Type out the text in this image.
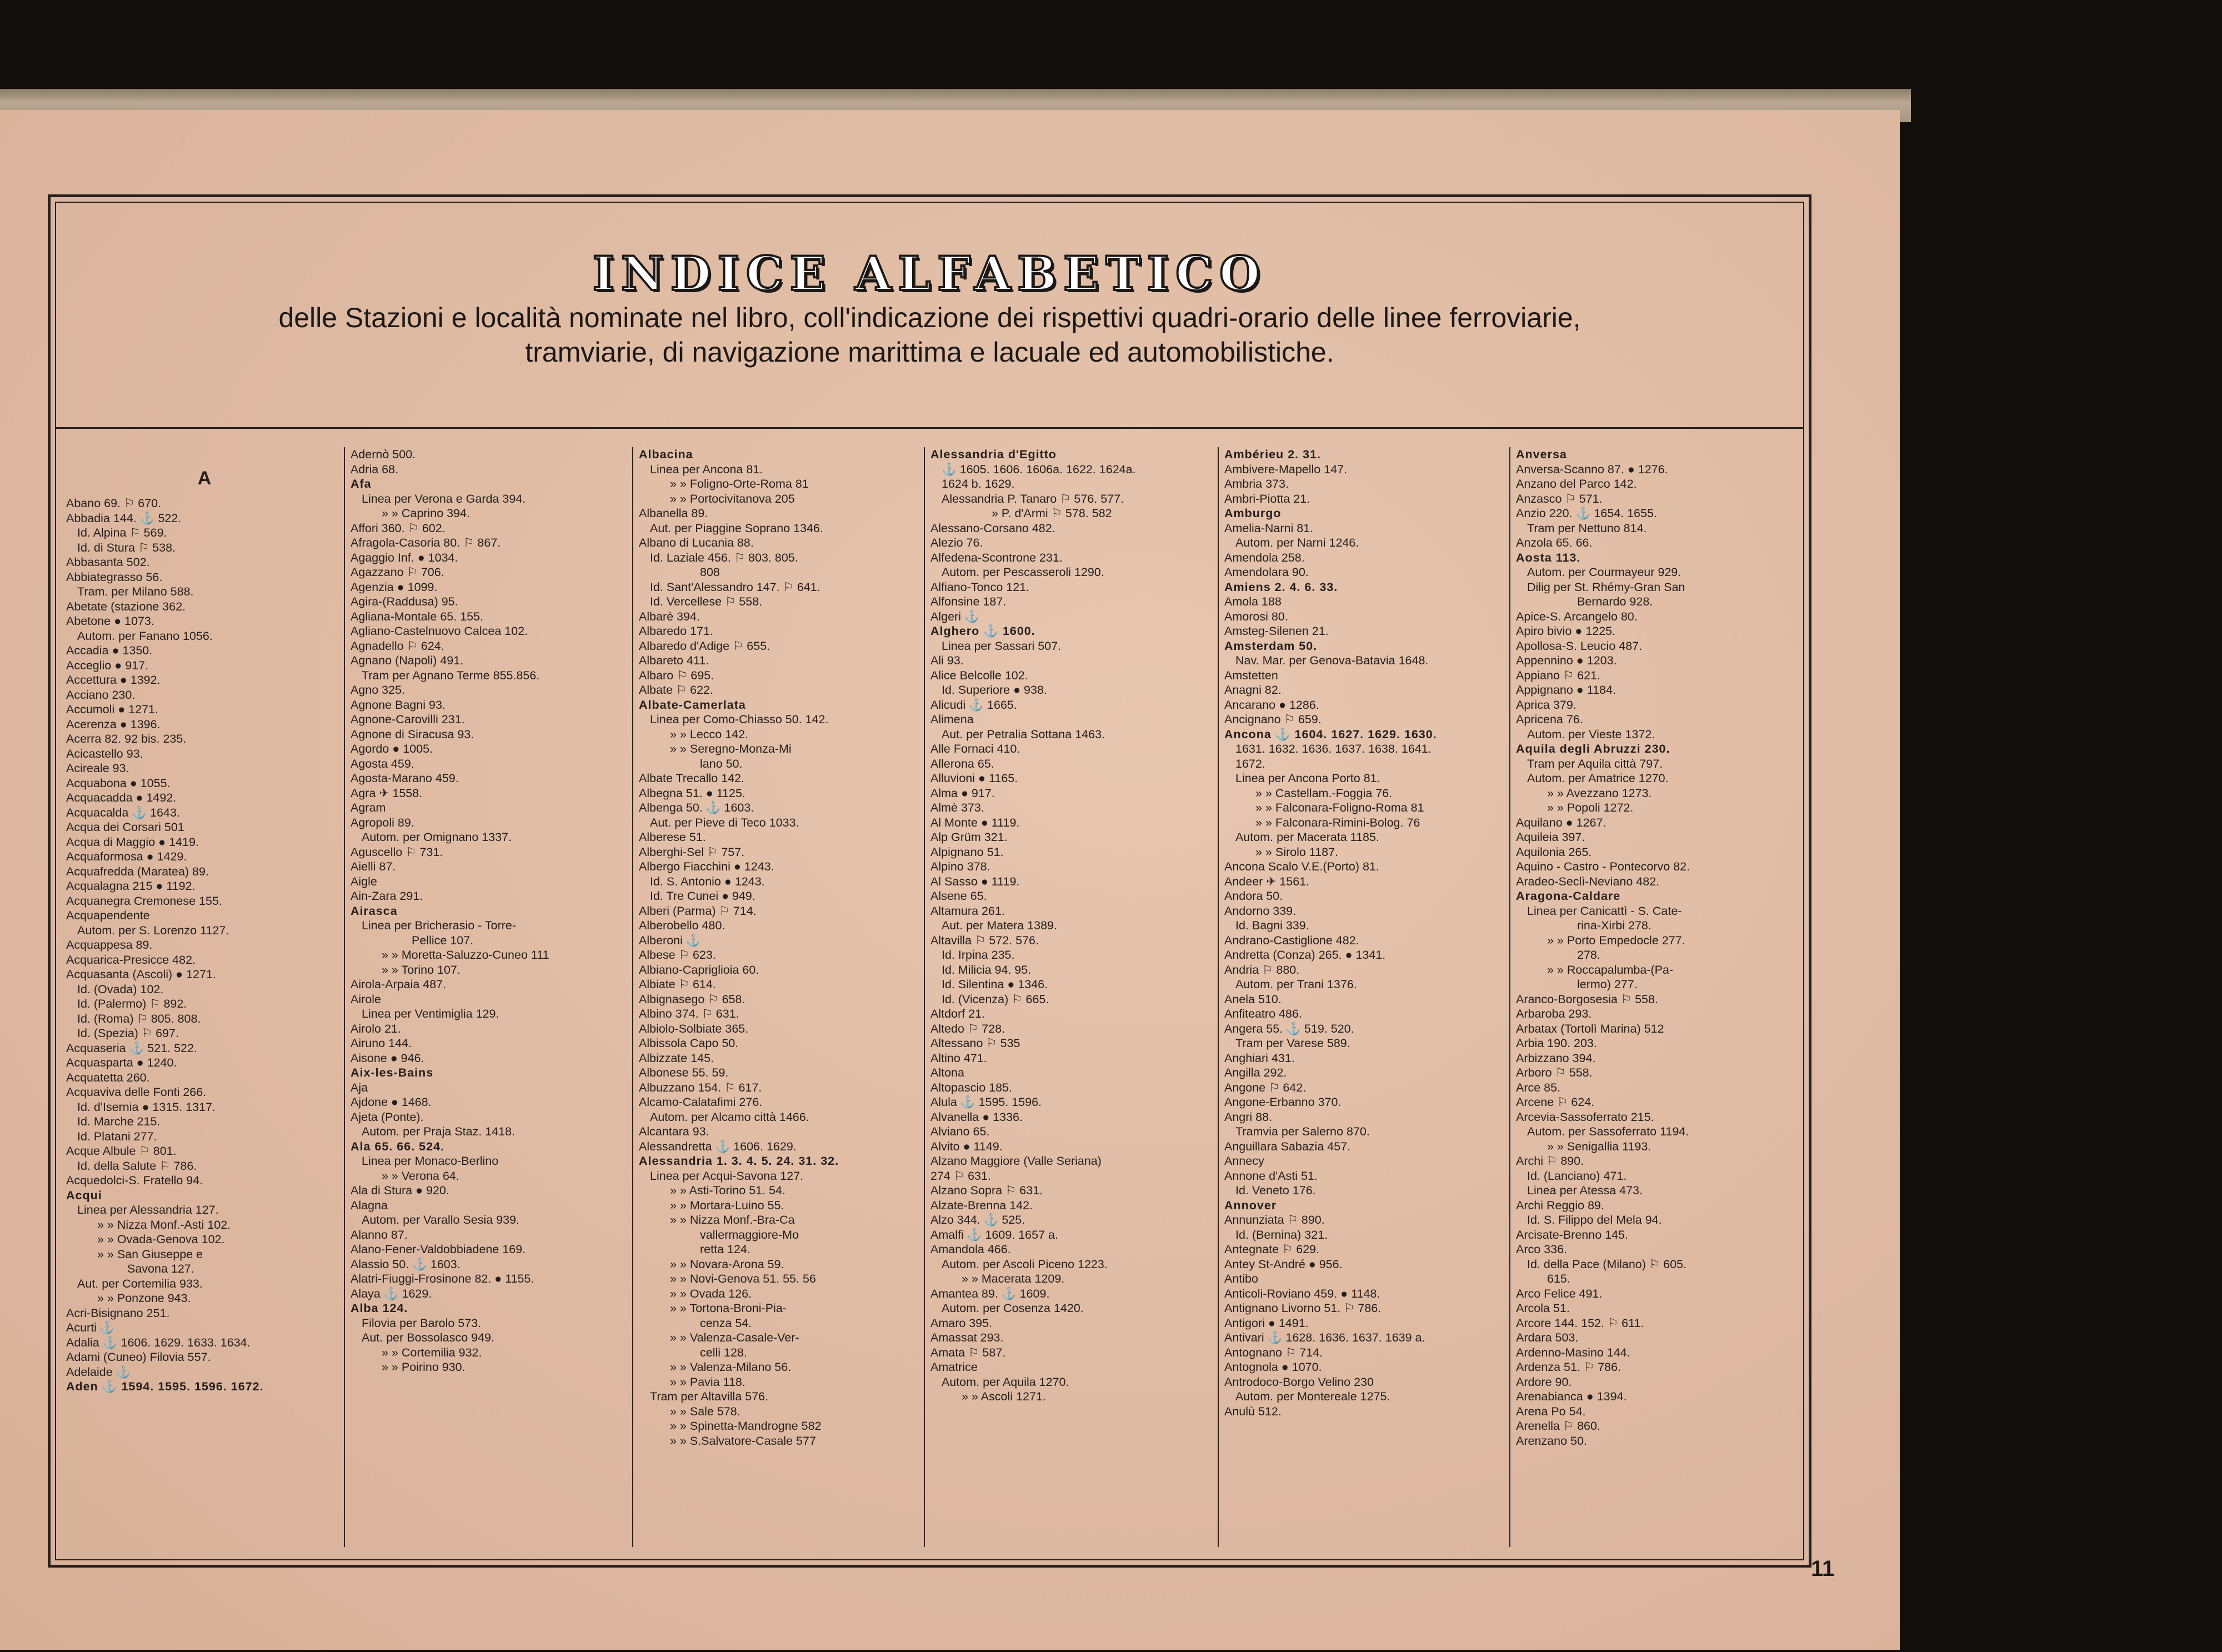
INDICE ALFABETICO
delle Stazioni e località nominate nel libro, coll'indicazione dei rispettivi quadri-orario delle linee ferroviarie,
tramviarie, di navigazione marittima e lacuale ed automobilistiche.
A
Abano 69. ⚐ 670.
Abbadia 144. ⚓ 522.
Id. Alpina ⚐ 569.
Id. di Stura ⚐ 538.
Abbasanta 502.
Abbiategrasso 56.
Tram. per Milano 588.
Abetate (stazione 362.
Abetone ● 1073.
Autom. per Fanano 1056.
Accadia ● 1350.
Acceglio ● 917.
Accettura ● 1392.
Acciano 230.
Accumoli ● 1271.
Acerenza ● 1396.
Acerra 82. 92 bis. 235.
Acicastello 93.
Acireale 93.
Acquabona ● 1055.
Acquacadda ● 1492.
Acquacalda ⚓ 1643.
Acqua dei Corsari 501
Acqua di Maggio ● 1419.
Acquaformosa ● 1429.
Acquafredda (Maratea) 89.
Acqualagna 215 ● 1192.
Acquanegra Cremonese 155.
Acquapendente
Autom. per S. Lorenzo 1127.
Acquappesa 89.
Acquarica-Presicce 482.
Acquasanta (Ascoli) ● 1271.
Id. (Ovada) 102.
Id. (Palermo) ⚐ 892.
Id. (Roma) ⚐ 805. 808.
Id. (Spezia) ⚐ 697.
Acquaseria ⚓ 521. 522.
Acquasparta ● 1240.
Acquatetta 260.
Acquaviva delle Fonti 266.
Id. d'Isernia ● 1315. 1317.
Id. Marche 215.
Id. Platani 277.
Acque Albule ⚐ 801.
Id. della Salute ⚐ 786.
Acquedolci-S. Fratello 94.
Acqui
Linea per Alessandria 127.
» » Nizza Monf.-Asti 102.
» » Ovada-Genova 102.
» » San Giuseppe e
Savona 127.
Aut. per Cortemilia 933.
» » Ponzone 943.
Acri-Bisignano 251.
Acurti ⚓
Adalia ⚓ 1606. 1629. 1633. 1634.
Adami (Cuneo) Filovia 557.
Adelaide ⚓
Aden ⚓ 1594. 1595. 1596. 1672.
Adernò 500.
Adria 68.
Afa
Linea per Verona e Garda 394.
» » Caprino 394.
Affori 360. ⚐ 602.
Afragola-Casoria 80. ⚐ 867.
Agaggio Inf. ● 1034.
Agazzano ⚐ 706.
Agenzia ● 1099.
Agira-(Raddusa) 95.
Agliana-Montale 65. 155.
Agliano-Castelnuovo Calcea 102.
Agnadello ⚐ 624.
Agnano (Napoli) 491.
Tram per Agnano Terme 855.856.
Agno 325.
Agnone Bagni 93.
Agnone-Carovilli 231.
Agnone di Siracusa 93.
Agordo ● 1005.
Agosta 459.
Agosta-Marano 459.
Agra ✈ 1558.
Agram
Agropoli 89.
Autom. per Omignano 1337.
Aguscello ⚐ 731.
Aielli 87.
Aigle
Ain-Zara 291.
Airasca
Linea per Bricherasio - Torre-
Pellice 107.
» » Moretta-Saluzzo-Cuneo 111
» » Torino 107.
Airola-Arpaia 487.
Airole
Linea per Ventimiglia 129.
Airolo 21.
Airuno 144.
Aisone ● 946.
Aix-les-Bains
Aja
Ajdone ● 1468.
Ajeta (Ponte).
Autom. per Praja Staz. 1418.
Ala 65. 66. 524.
Linea per Monaco-Berlino
» » Verona 64.
Ala di Stura ● 920.
Alagna
Autom. per Varallo Sesia 939.
Alanno 87.
Alano-Fener-Valdobbiadene 169.
Alassio 50. ⚓ 1603.
Alatri-Fiuggi-Frosinone 82. ● 1155.
Alaya ⚓ 1629.
Alba 124.
Filovia per Barolo 573.
Aut. per Bossolasco 949.
» » Cortemilia 932.
» » Poirino 930.
Albacina
Linea per Ancona 81.
» » Foligno-Orte-Roma 81
» » Portocivitanova 205
Albanella 89.
Aut. per Piaggine Soprano 1346.
Albano di Lucania 88.
Id. Laziale 456. ⚐ 803. 805.
808
Id. Sant'Alessandro 147. ⚐ 641.
Id. Vercellese ⚐ 558.
Albarè 394.
Albaredo 171.
Albaredo d'Adige ⚐ 655.
Albareto 411.
Albaro ⚐ 695.
Albate ⚐ 622.
Albate-Camerlata
Linea per Como-Chiasso 50. 142.
» » Lecco 142.
» » Seregno-Monza-Mi
lano 50.
Albate Trecallo 142.
Albegna 51. ● 1125.
Albenga 50. ⚓ 1603.
Aut. per Pieve di Teco 1033.
Alberese 51.
Alberghi-Sel ⚐ 757.
Albergo Fiacchini ● 1243.
Id. S. Antonio ● 1243.
Id. Tre Cunei ● 949.
Alberi (Parma) ⚐ 714.
Alberobello 480.
Alberoni ⚓
Albese ⚐ 623.
Albiano-Capriglioia 60.
Albiate ⚐ 614.
Albignasego ⚐ 658.
Albino 374. ⚐ 631.
Albiolo-Solbiate 365.
Albissola Capo 50.
Albizzate 145.
Albonese 55. 59.
Albuzzano 154. ⚐ 617.
Alcamo-Calatafimi 276.
Autom. per Alcamo città 1466.
Alcantara 93.
Alessandretta ⚓ 1606. 1629.
Alessandria 1. 3. 4. 5. 24. 31. 32.
Linea per Acqui-Savona 127.
» » Asti-Torino 51. 54.
» » Mortara-Luino 55.
» » Nizza Monf.-Bra-Ca
vallermaggiore-Mo
retta 124.
» » Novara-Arona 59.
» » Novi-Genova 51. 55. 56
» » Ovada 126.
» » Tortona-Broni-Pia-
cenza 54.
» » Valenza-Casale-Ver-
celli 128.
» » Valenza-Milano 56.
» » Pavia 118.
Tram per Altavilla 576.
» » Sale 578.
» » Spinetta-Mandrogne 582
» » S.Salvatore-Casale 577
Alessandria d'Egitto
⚓ 1605. 1606. 1606a. 1622. 1624a.
1624 b. 1629.
Alessandria P. Tanaro ⚐ 576. 577.
» P. d'Armi ⚐ 578. 582
Alessano-Corsano 482.
Alezio 76.
Alfedena-Scontrone 231.
Autom. per Pescasseroli 1290.
Alfiano-Tonco 121.
Alfonsine 187.
Algeri ⚓
Alghero ⚓ 1600.
Linea per Sassari 507.
Ali 93.
Alice Belcolle 102.
Id. Superiore ● 938.
Alicudi ⚓ 1665.
Alimena
Aut. per Petralia Sottana 1463.
Alle Fornaci 410.
Allerona 65.
Alluvioni ● 1165.
Alma ● 917.
Almè 373.
Al Monte ● 1119.
Alp Grüm 321.
Alpignano 51.
Alpino 378.
Al Sasso ● 1119.
Alsene 65.
Altamura 261.
Aut. per Matera 1389.
Altavilla ⚐ 572. 576.
Id. Irpina 235.
Id. Milicia 94. 95.
Id. Silentina ● 1346.
Id. (Vicenza) ⚐ 665.
Altdorf 21.
Altedo ⚐ 728.
Altessano ⚐ 535
Altino 471.
Altona
Altopascio 185.
Alula ⚓ 1595. 1596.
Alvanella ● 1336.
Alviano 65.
Alvito ● 1149.
Alzano Maggiore (Valle Seriana)
274 ⚐ 631.
Alzano Sopra ⚐ 631.
Alzate-Brenna 142.
Alzo 344. ⚓ 525.
Amalfi ⚓ 1609. 1657 a.
Amandola 466.
Autom. per Ascoli Piceno 1223.
» » Macerata 1209.
Amantea 89. ⚓ 1609.
Autom. per Cosenza 1420.
Amaro 395.
Amassat 293.
Amata ⚐ 587.
Amatrice
Autom. per Aquila 1270.
» » Ascoli 1271.
Ambérieu 2. 31.
Ambivere-Mapello 147.
Ambria 373.
Ambri-Piotta 21.
Amburgo
Amelia-Narni 81.
Autom. per Narni 1246.
Amendola 258.
Amendolara 90.
Amiens 2. 4. 6. 33.
Amola 188
Amorosi 80.
Amsteg-Silenen 21.
Amsterdam 50.
Nav. Mar. per Genova-Batavia 1648.
Amstetten
Anagni 82.
Ancarano ● 1286.
Ancignano ⚐ 659.
Ancona ⚓ 1604. 1627. 1629. 1630.
1631. 1632. 1636. 1637. 1638. 1641.
1672.
Linea per Ancona Porto 81.
» » Castellam.-Foggia 76.
» » Falconara-Foligno-Roma 81
» » Falconara-Rimini-Bolog. 76
Autom. per Macerata 1185.
» » Sirolo 1187.
Ancona Scalo V.E.(Porto) 81.
Andeer ✈ 1561.
Andora 50.
Andorno 339.
Id. Bagni 339.
Andrano-Castiglione 482.
Andretta (Conza) 265. ● 1341.
Andria ⚐ 880.
Autom. per Trani 1376.
Anela 510.
Anfiteatro 486.
Angera 55. ⚓ 519. 520.
Tram per Varese 589.
Anghiari 431.
Angilla 292.
Angone ⚐ 642.
Angone-Erbanno 370.
Angri 88.
Tramvia per Salerno 870.
Anguillara Sabazia 457.
Annecy
Annone d'Asti 51.
Id. Veneto 176.
Annover
Annunziata ⚐ 890.
Id. (Bernina) 321.
Antegnate ⚐ 629.
Antey St-André ● 956.
Antibo
Anticoli-Roviano 459. ● 1148.
Antignano Livorno 51. ⚐ 786.
Antigori ● 1491.
Antivari ⚓ 1628. 1636. 1637. 1639 a.
Antognano ⚐ 714.
Antognola ● 1070.
Antrodoco-Borgo Velino 230
Autom. per Montereale 1275.
Anulù 512.
Anversa
Anversa-Scanno 87. ● 1276.
Anzano del Parco 142.
Anzasco ⚐ 571.
Anzio 220. ⚓ 1654. 1655.
Tram per Nettuno 814.
Anzola 65. 66.
Aosta 113.
Autom. per Courmayeur 929.
Dilig per St. Rhémy-Gran San
Bernardo 928.
Apice-S. Arcangelo 80.
Apiro bivio ● 1225.
Apollosa-S. Leucio 487.
Appennino ● 1203.
Appiano ⚐ 621.
Appignano ● 1184.
Aprica 379.
Apricena 76.
Autom. per Vieste 1372.
Aquila degli Abruzzi 230.
Tram per Aquila città 797.
Autom. per Amatrice 1270.
» » Avezzano 1273.
» » Popoli 1272.
Aquilano ● 1267.
Aquileia 397.
Aquilonia 265.
Aquino - Castro - Pontecorvo 82.
Aradeo-Seclì-Neviano 482.
Aragona-Caldare
Linea per Canicattì - S. Cate-
rina-Xirbi 278.
» » Porto Empedocle 277.
278.
» » Roccapalumba-(Pa-
lermo) 277.
Aranco-Borgosesia ⚐ 558.
Arbaroba 293.
Arbatax (Tortolì Marina) 512
Arbia 190. 203.
Arbizzano 394.
Arboro ⚐ 558.
Arce 85.
Arcene ⚐ 624.
Arcevia-Sassoferrato 215.
Autom. per Sassoferrato 1194.
» » Senigallia 1193.
Archi ⚐ 890.
Id. (Lanciano) 471.
Linea per Atessa 473.
Archi Reggio 89.
Id. S. Filippo del Mela 94.
Arcisate-Brenno 145.
Arco 336.
Id. della Pace (Milano) ⚐ 605.
615.
Arco Felice 491.
Arcola 51.
Arcore 144. 152. ⚐ 611.
Ardara 503.
Ardenno-Masino 144.
Ardenza 51. ⚐ 786.
Ardore 90.
Arenabianca ● 1394.
Arena Po 54.
Arenella ⚐ 860.
Arenzano 50.
11
